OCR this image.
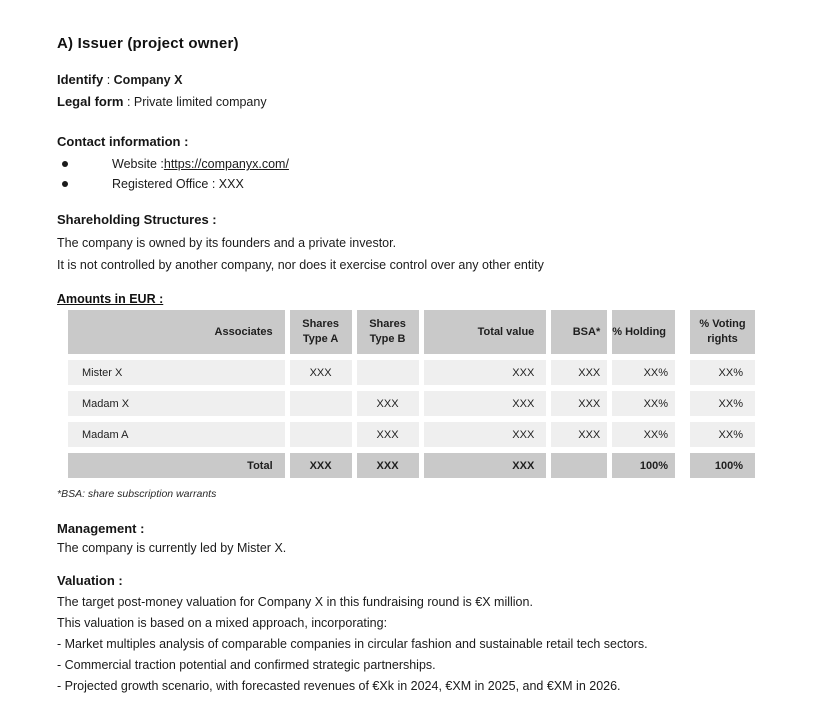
A) Issuer (project owner)
Identify : Company X
Legal form : Private limited company
Contact information :
Website : https://companyx.com/
Registered Office : XXX
Shareholding Structures :
The company is owned by its founders and a private investor.
It is not controlled by another company, nor does it exercise control over any other entity
Amounts in EUR :
Associates	Shares Type A	Shares Type B	Total value	BSA*	% Holding	% Voting rights
Mister X	XXX		XXX	XXX	XX%	XX%
Madam X		XXX	XXX	XXX	XX%	XX%
Madam A		XXX	XXX	XXX	XX%	XX%
Total	XXX	XXX	XXX		100%	100%
*BSA: share subscription warrants
Management :
The company is currently led by Mister X.
Valuation :
The target post-money valuation for Company X in this fundraising round is €X million.
This valuation is based on a mixed approach, incorporating:
- Market multiples analysis of comparable companies in circular fashion and sustainable retail tech sectors.
- Commercial traction potential and confirmed strategic partnerships.
- Projected growth scenario, with forecasted revenues of €Xk in 2024, €XM in 2025, and €XM in 2026.
